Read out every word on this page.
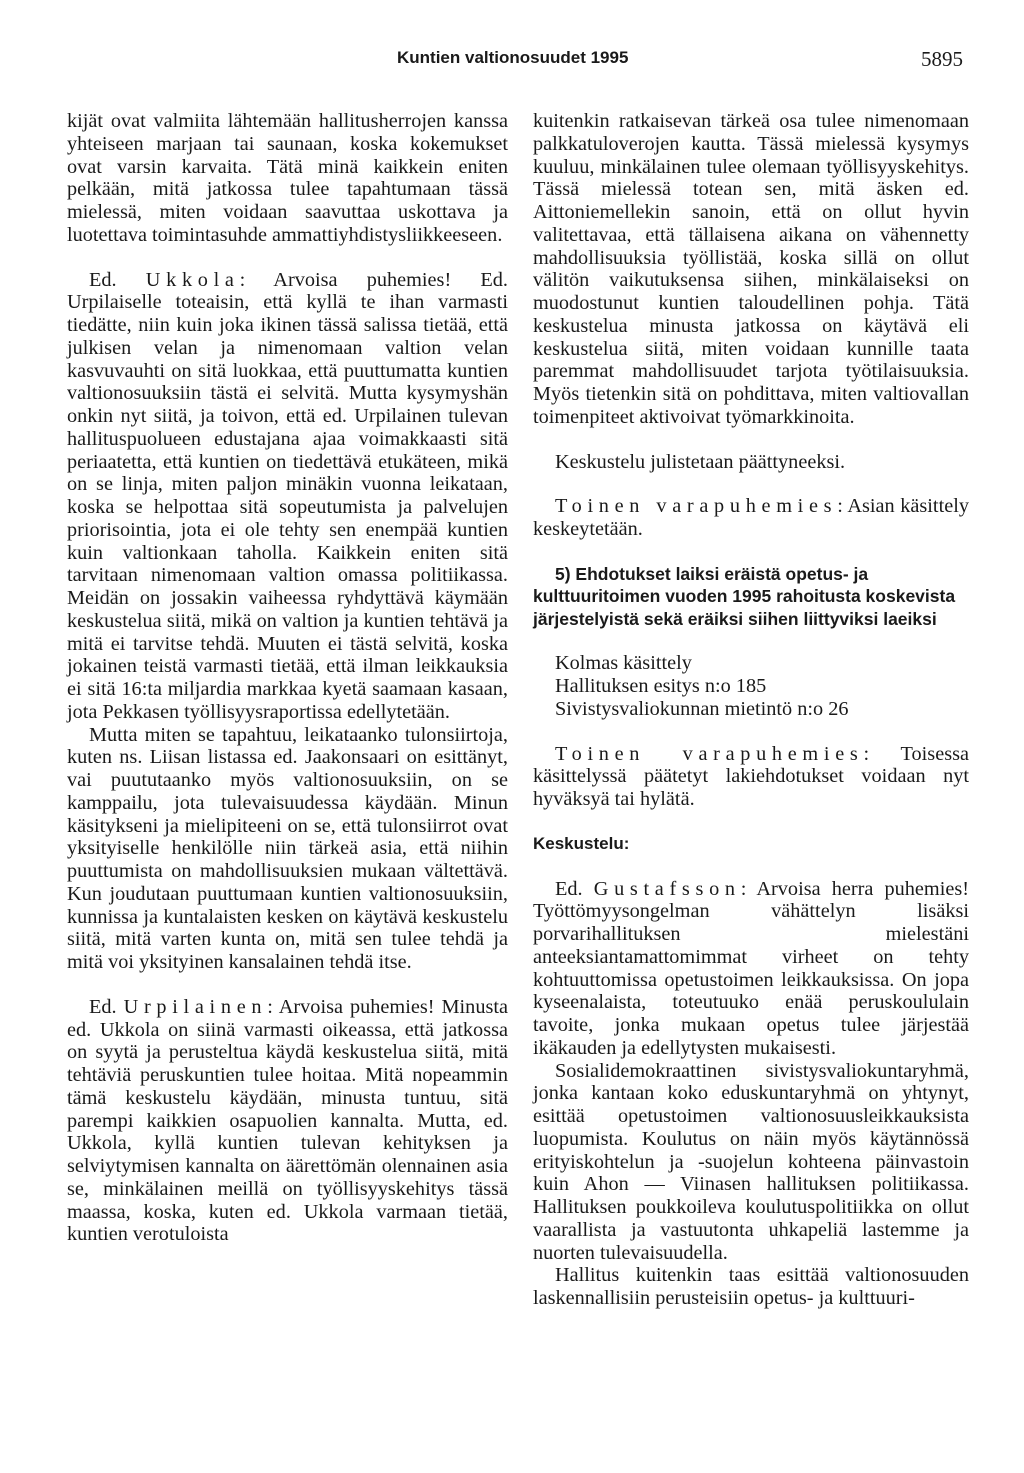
Kuntien valtionosuudet 1995	5895

kijät ovat valmiita lähtemään hallitusherrojen kanssa yhteiseen marjaan tai saunaan, koska kokemukset ovat varsin karvaita. Tätä minä kaikkein eniten pelkään, mitä jatkossa tulee tapahtumaan tässä mielessä, miten voidaan saavuttaa uskottava ja luotettava toimintasuhde ammattiyhdistysliikkeeseen.

Ed. Ukkola: Arvoisa puhemies! Ed. Urpilaiselle toteaisin, että kyllä te ihan varmasti tiedätte, niin kuin joka ikinen tässä salissa tietää, että julkisen velan ja nimenomaan valtion velan kasvuvauhti on sitä luokkaa, että puuttumatta kuntien valtionosuuksiin tästä ei selvitä. Mutta kysymyshän onkin nyt siitä, ja toivon, että ed. Urpilainen tulevan hallituspuolueen edustajana ajaa voimakkaasti sitä periaatetta, että kuntien on tiedettävä etukäteen, mikä on se linja, miten paljon minäkin vuonna leikataan, koska se helpottaa sitä sopeutumista ja palvelujen priorisointia, jota ei ole tehty sen enempää kuntien kuin valtionkaan taholla. Kaikkein eniten sitä tarvitaan nimenomaan valtion omassa politiikassa. Meidän on jossakin vaiheessa ryhdyttävä käymään keskustelua siitä, mikä on valtion ja kuntien tehtävä ja mitä ei tarvitse tehdä. Muuten ei tästä selvitä, koska jokainen teistä varmasti tietää, että ilman leikkauksia ei sitä 16:ta miljardia markkaa kyetä saamaan kasaan, jota Pekkasen työllisyysraportissa edellytetään.

Mutta miten se tapahtuu, leikataanko tulonsiirtoja, kuten ns. Liisan listassa ed. Jaakonsaari on esittänyt, vai puututaanko myös valtionosuuksiin, on se kamppailu, jota tulevaisuudessa käydään. Minun käsitykseni ja mielipiteeni on se, että tulonsiirrot ovat yksityiselle henkilölle niin tärkeä asia, että niihin puuttumista on mahdollisuuksien mukaan vältettävä. Kun joudutaan puuttumaan kuntien valtionosuuksiin, kunnissa ja kuntalaisten kesken on käytävä keskustelu siitä, mitä varten kunta on, mitä sen tulee tehdä ja mitä voi yksityinen kansalainen tehdä itse.

Ed. Urpilainen: Arvoisa puhemies! Minusta ed. Ukkola on siinä varmasti oikeassa, että jatkossa on syytä ja perusteltua käydä keskustelua siitä, mitä tehtäviä peruskuntien tulee hoitaa. Mitä nopeammin tämä keskustelu käydään, minusta tuntuu, sitä parempi kaikkien osapuolien kannalta. Mutta, ed. Ukkola, kyllä kuntien tulevan kehityksen ja selviytymisen kannalta on äärettömän olennainen asia se, minkälainen meillä on työllisyyskehitys tässä maassa, koska, kuten ed. Ukkola varmaan tietää, kuntien verotuloista

kuitenkin ratkaisevan tärkeä osa tulee nimenomaan palkkatuloverojen kautta. Tässä mielessä kysymys kuuluu, minkälainen tulee olemaan työllisyyskehitys. Tässä mielessä totean sen, mitä äsken ed. Aittoniemellekin sanoin, että on ollut hyvin valitettavaa, että tällaisena aikana on vähennetty mahdollisuuksia työllistää, koska sillä on ollut välitön vaikutuksensa siihen, minkälaiseksi on muodostunut kuntien taloudellinen pohja. Tätä keskustelua minusta jatkossa on käytävä eli keskustelua siitä, miten voidaan kunnille taata paremmat mahdollisuudet tarjota työtilaisuuksia. Myös tietenkin sitä on pohdittava, miten valtiovallan toimenpiteet aktivoivat työmarkkinoita.

Keskustelu julistetaan päättyneeksi.

Toinen varapuhemies: Asian käsittely keskeytetään.

5) Ehdotukset laiksi eräistä opetus- ja kulttuuritoimen vuoden 1995 rahoitusta koskevista järjestelyistä sekä eräiksi siihen liittyviksi laeiksi

Kolmas käsittely

Hallituksen esitys n:o 185

Sivistysvaliokunnan mietintö n:o 26

Toinen varapuhemies: Toisessa käsittelyssä päätetyt lakiehdotukset voidaan nyt hyväksyä tai hylätä.

Keskustelu:

Ed. Gustafsson: Arvoisa herra puhemies! Työttömyysongelman vähättelyn lisäksi porvarihallituksen mielestäni anteeksiantamattomimmat virheet on tehty kohtuuttomissa opetustoimen leikkauksissa. On jopa kyseenalaista, toteutuuko enää peruskoululain tavoite, jonka mukaan opetus tulee järjestää ikäkauden ja edellytysten mukaisesti.

Sosialidemokraattinen sivistysvaliokuntaryhmä, jonka kantaan koko eduskuntaryhmä on yhtynyt, esittää opetustoimen valtionosuusleikkauksista luopumista. Koulutus on näin myös käytännössä erityiskohtelun ja -suojelun kohteena päinvastoin kuin Ahon — Viinasen hallituksen politiikassa. Hallituksen poukkoileva koulutuspolitiikka on ollut vaarallista ja vastuutonta uhkapeliä lastemme ja nuorten tulevaisuudella.

Hallitus kuitenkin taas esittää valtionosuuden laskennallisiin perusteisiin opetus- ja kulttuuri-
